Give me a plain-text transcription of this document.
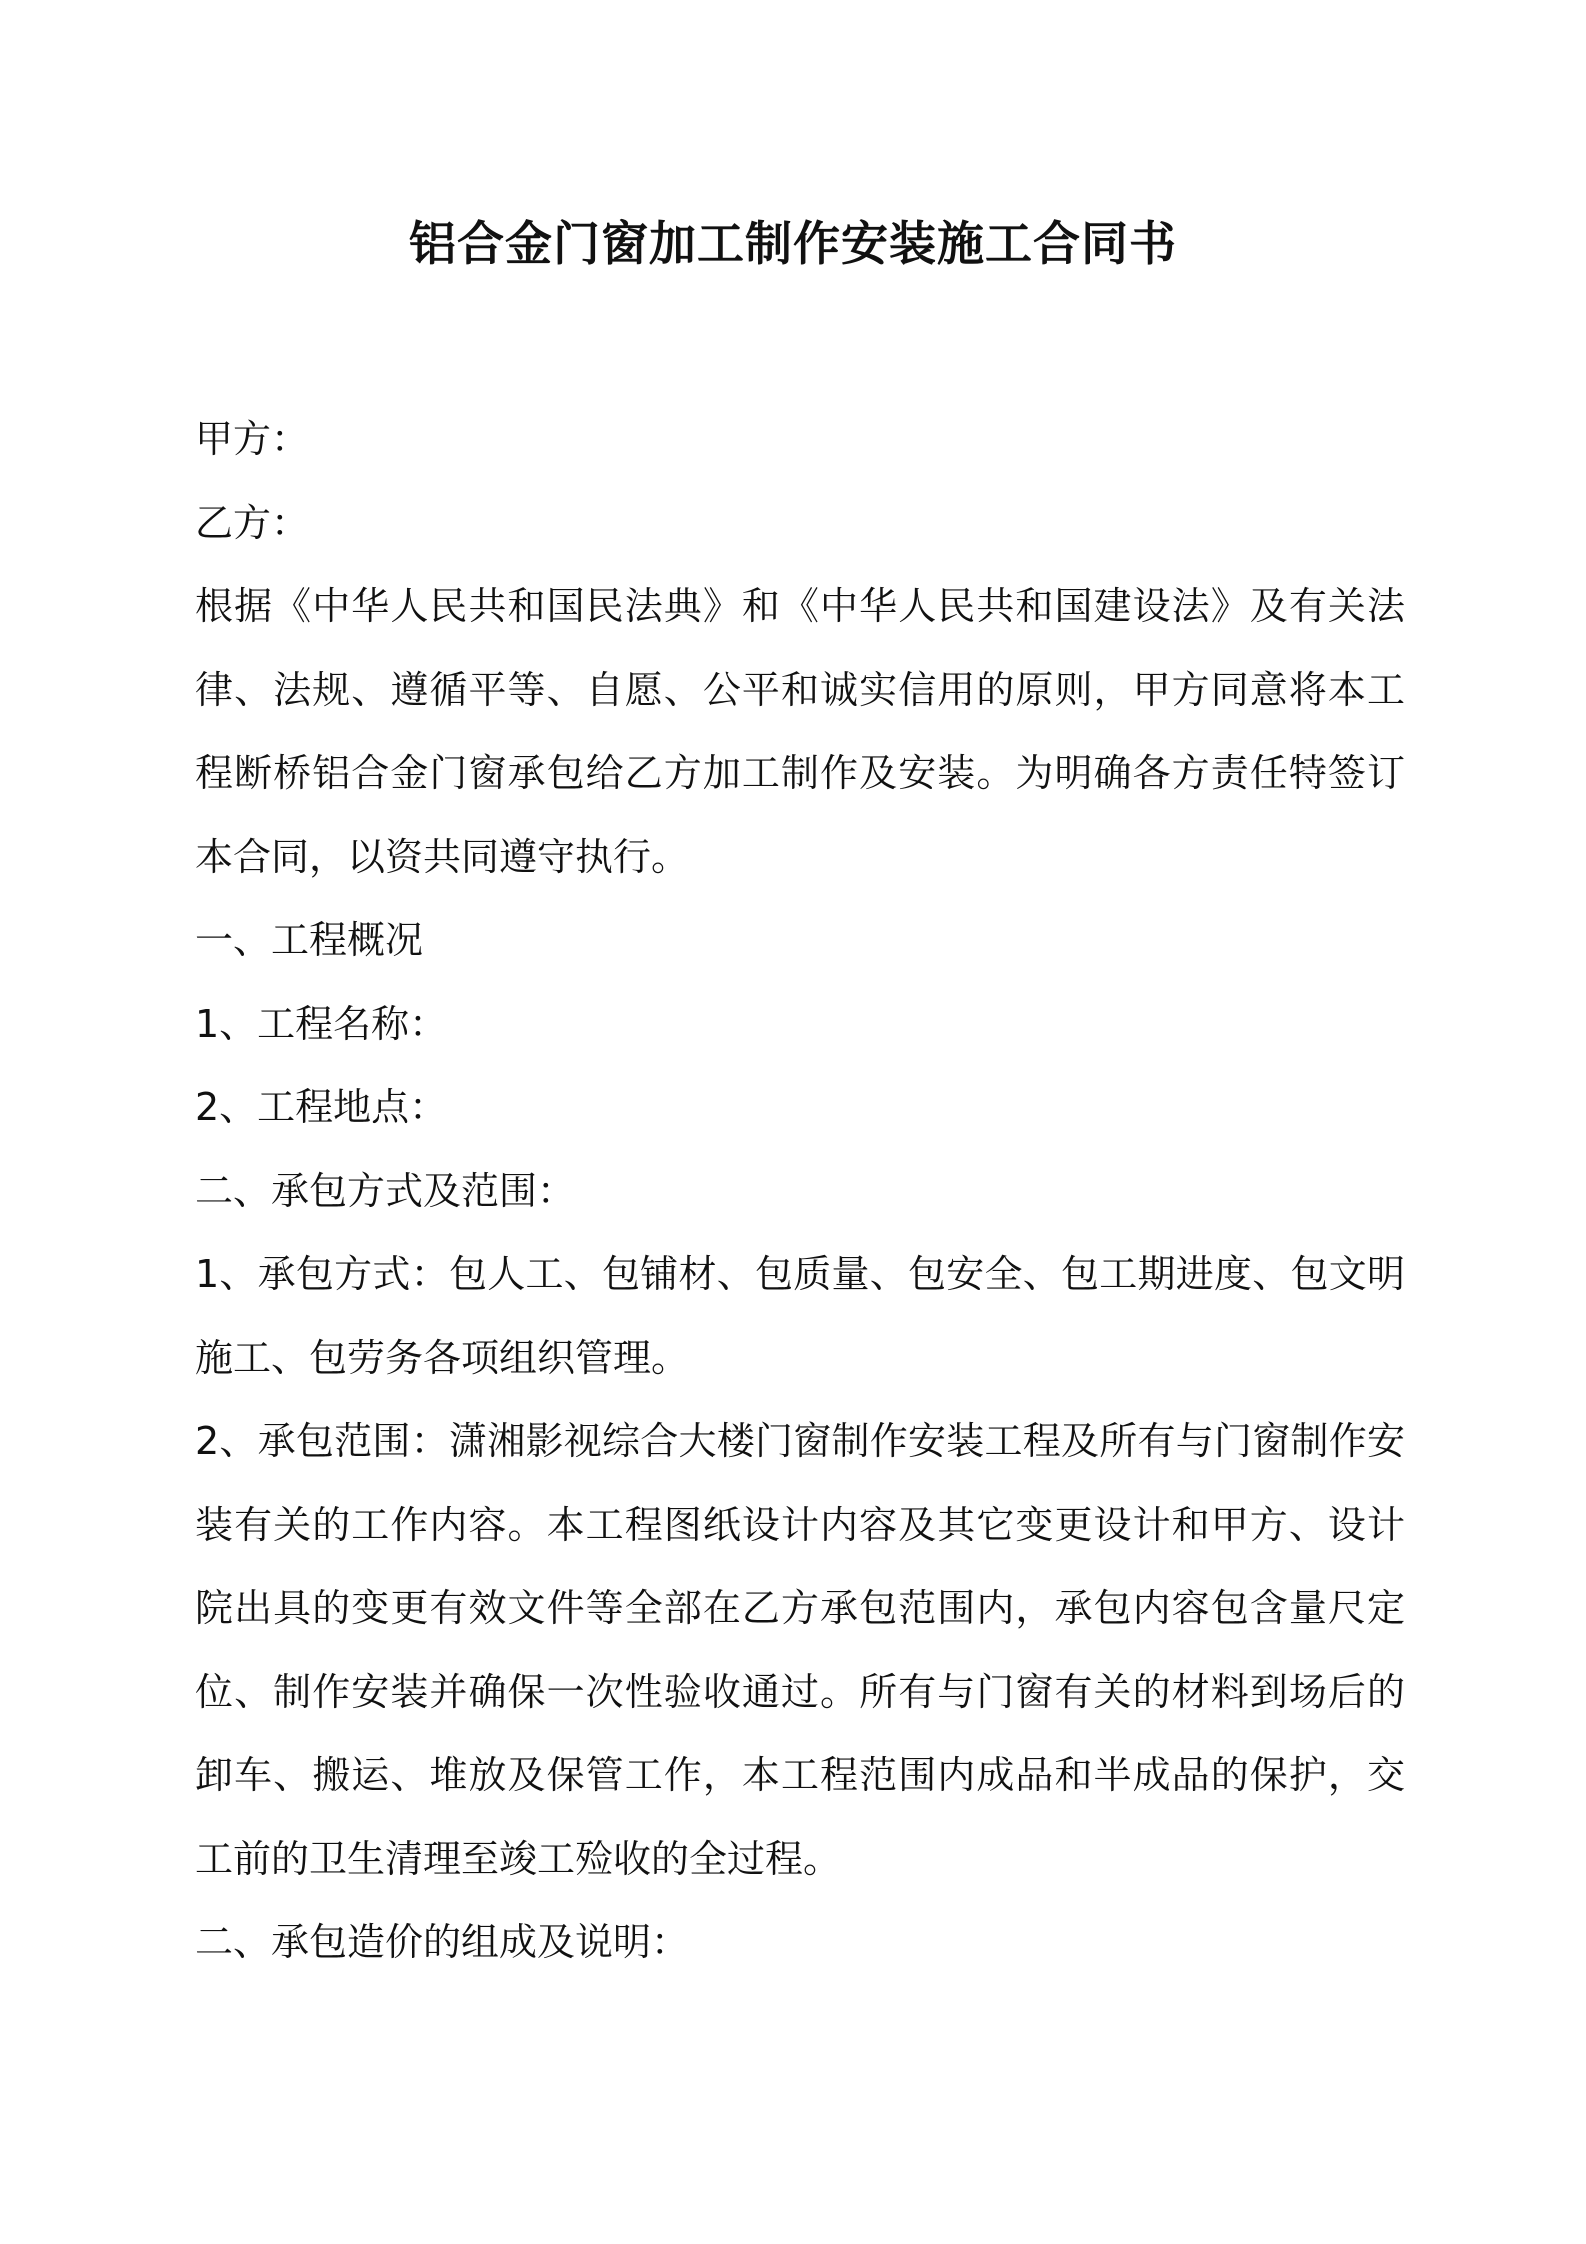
铝合金门窗加工制作安装施工合同书

甲方：

乙方：

根据《中华人民共和国民法典》和《中华人民共和国建设法》及有关法律、法规、遵循平等、自愿、公平和诚实信用的原则，甲方同意将本工程断桥铝合金门窗承包给乙方加工制作及安装。为明确各方责任特签订本合同，以资共同遵守执行。

一、工程概况

1、工程名称：

2、工程地点：

二、承包方式及范围：

1、承包方式：包人工、包铺材、包质量、包安全、包工期进度、包文明施工、包劳务各项组织管理。

2、承包范围：潇湘影视综合大楼门窗制作安装工程及所有与门窗制作安装有关的工作内容。本工程图纸设计内容及其它变更设计和甲方、设计院出具的变更有效文件等全部在乙方承包范围内，承包内容包含量尺定位、制作安装并确保一次性验收通过。所有与门窗有关的材料到场后的卸车、搬运、堆放及保管工作，本工程范围内成品和半成品的保护，交工前的卫生清理至竣工殓收的全过程。

二、承包造价的组成及说明：
